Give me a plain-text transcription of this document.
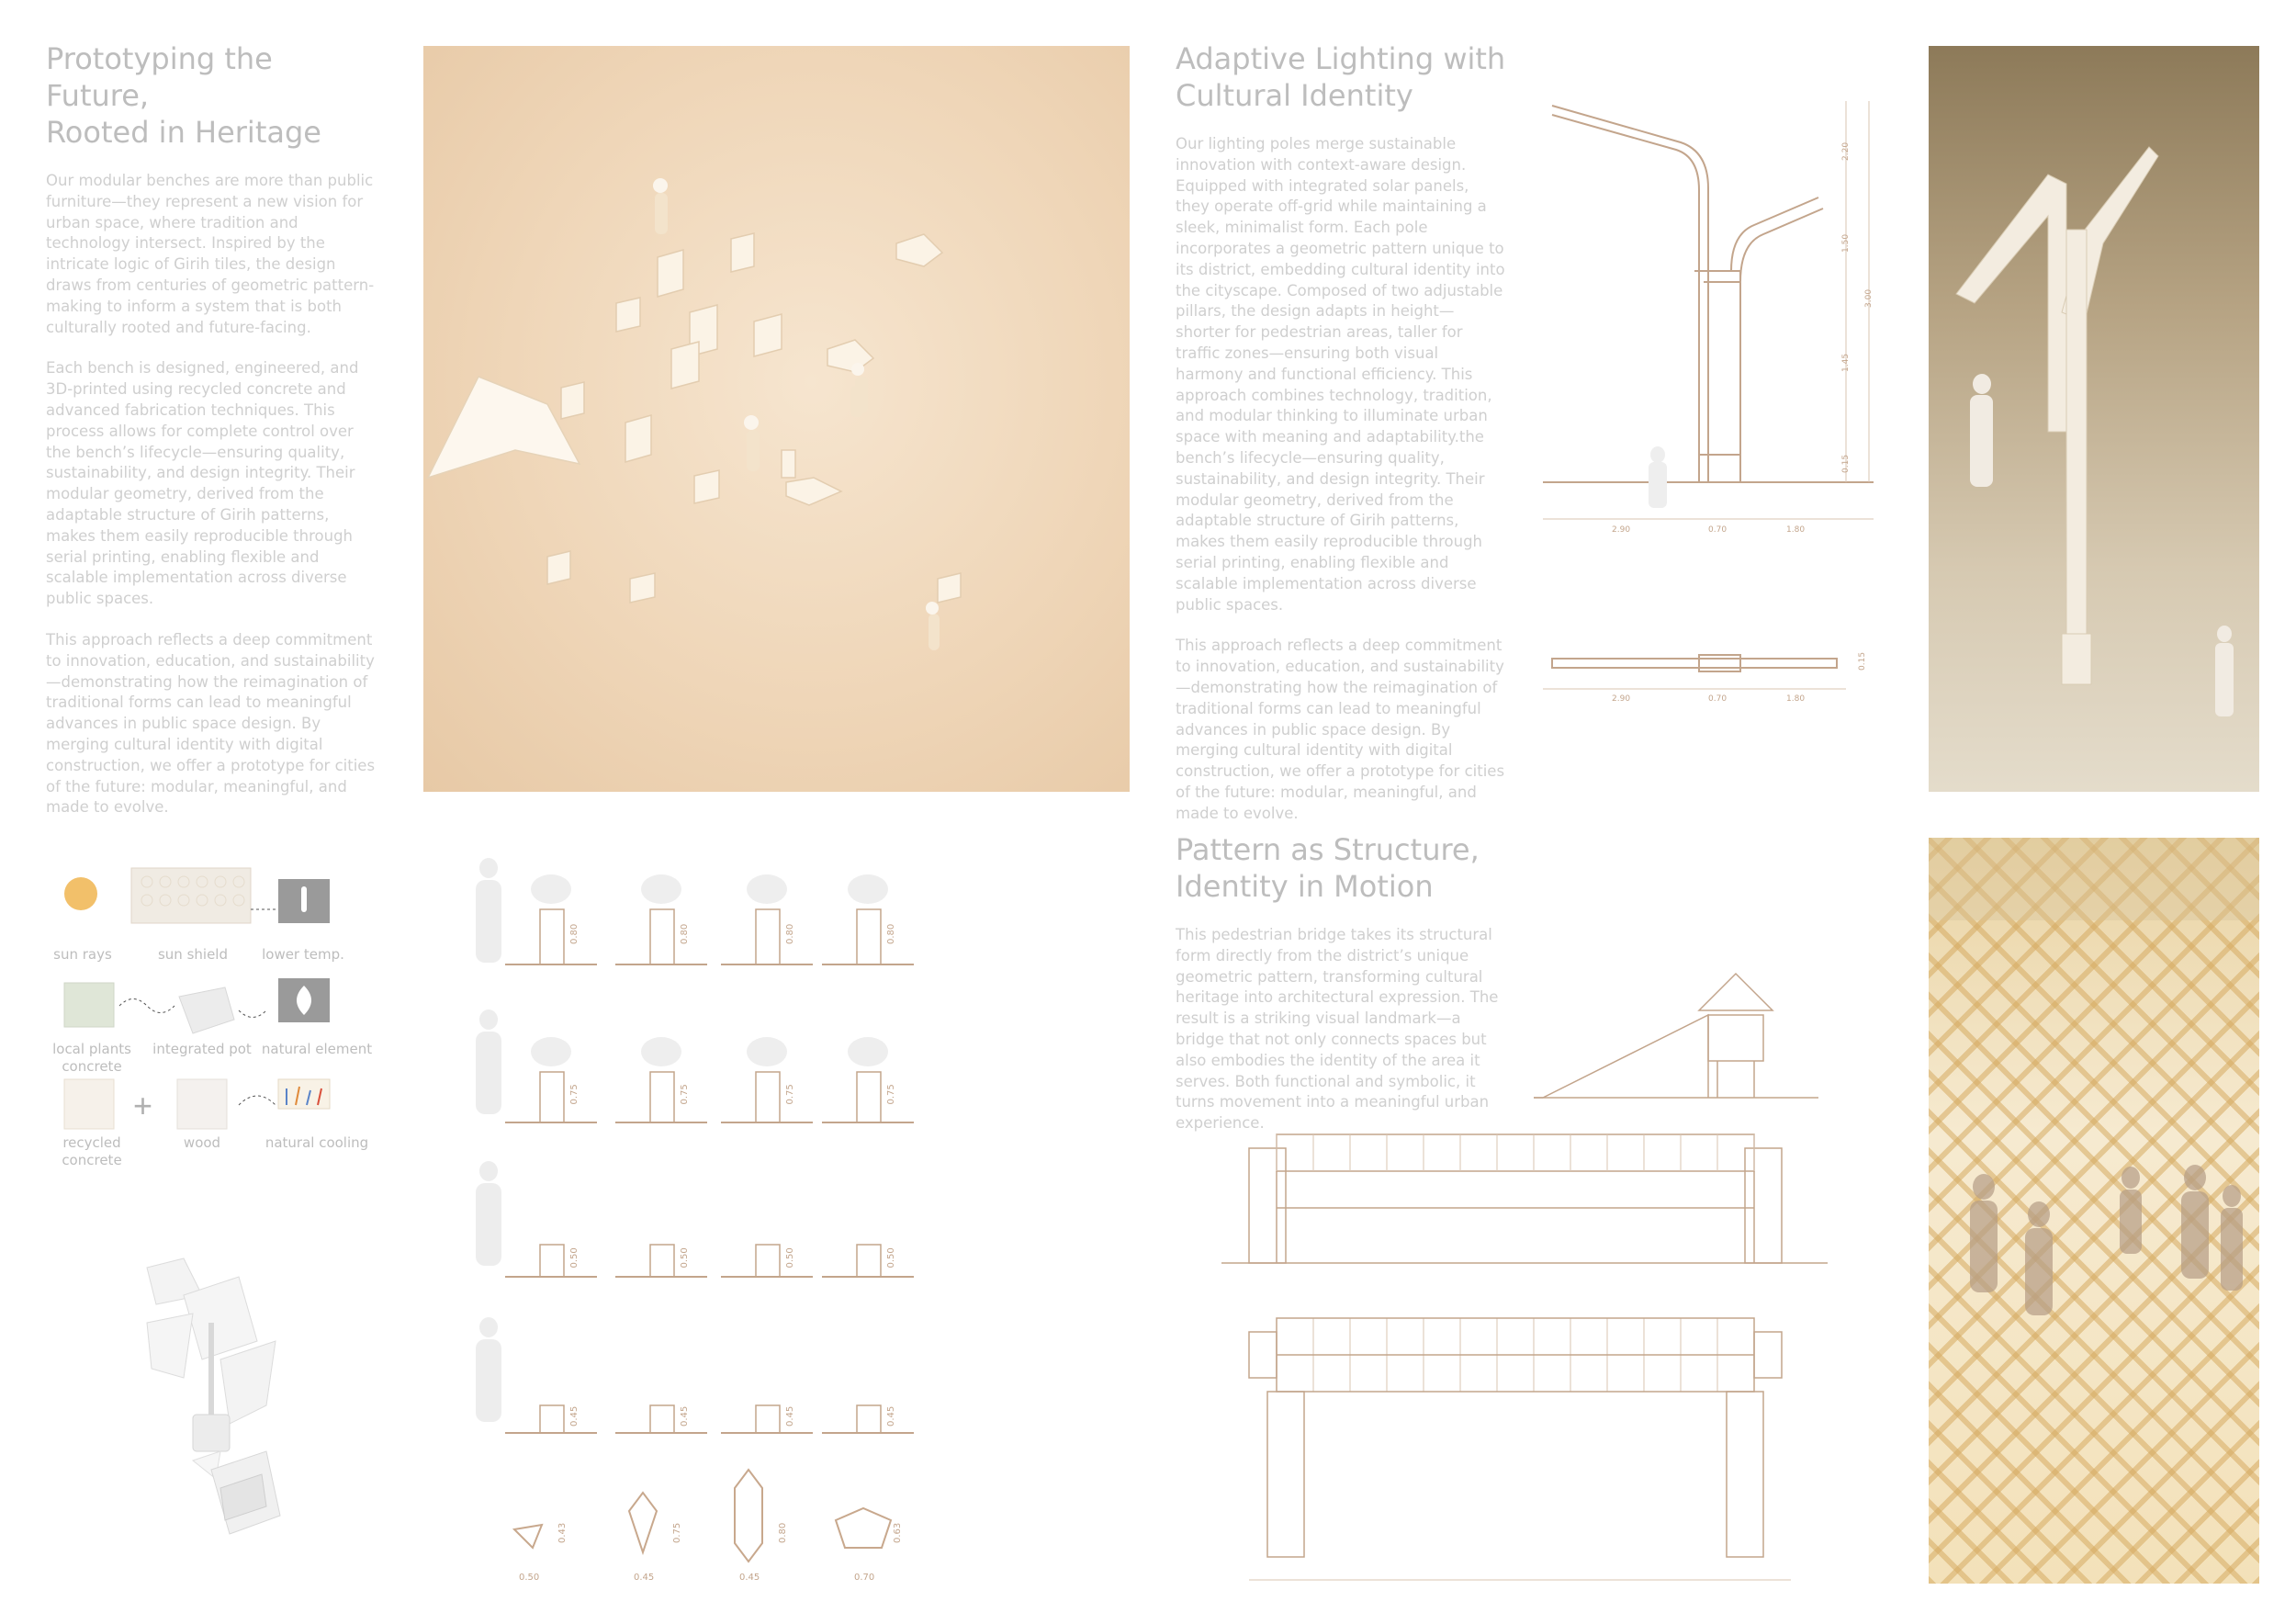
Prototyping the Future,
Rooted in Heritage

Our modular benches are more than public furniture—they represent a new vision for urban space, where tradition and technology intersect. Inspired by the intricate logic of Girih tiles, the design draws from centuries of geometric pattern-making to inform a system that is both culturally rooted and future-facing.

Each bench is designed, engineered, and 3D-printed using recycled concrete and advanced fabrication techniques. This process allows for complete control over the bench’s lifecycle—ensuring quality, sustainability, and design integrity. Their modular geometry, derived from the adaptable structure of Girih patterns, makes them easily reproducible through serial printing, enabling flexible and scalable implementation across diverse public spaces.

This approach reflects a deep commitment to innovation, education, and sustainability—demonstrating how the reimagination of traditional forms can lead to meaningful advances in public space design. By merging cultural identity with digital construction, we offer a prototype for cities of the future: modular, meaningful, and made to evolve.

sun rays	sun shield	lower temp.
local plants
concrete
integrated pot natural element
+
recycled
concrete
wood	natural cooling
0.80	0.80	0.80	0.80
0.75	0.75	0.75	0.75
0.50	0.50	0.50	0.50
0.45	0.45	0.45	0.45
0.50
0.43
0.45
0.75
0.45
0.80
0.70
0.63
Adaptive Lighting with
Cultural Identity

Our lighting poles merge sustainable innovation with context-aware design. Equipped with integrated solar panels, they operate off-grid while maintaining a sleek, minimalist form. Each pole incorporates a geometric pattern unique to its district, embedding cultural identity into the cityscape. Composed of two adjustable pillars, the design adapts in height—shorter for pedestrian areas, taller for traffic zones—ensuring both visual harmony and functional efficiency. This approach combines technology, tradition, and modular thinking to illuminate urban space with meaning and adaptability.the bench’s lifecycle—ensuring quality, sustainability, and design integrity. Their modular geometry, derived from the adaptable structure of Girih patterns, makes them easily reproducible through serial printing, enabling flexible and scalable implementation across diverse public spaces.

This approach reflects a deep commitment to innovation, education, and sustainability—demonstrating how the reimagination of traditional forms can lead to meaningful advances in public space design. By merging cultural identity with digital construction, we offer a prototype for cities of the future: modular, meaningful, and made to evolve.

2.20
1.50
3.00
1.45
0.15
2.90	0.70	1.80
2.90	0.70	1.80
0.15
Pattern as Structure,
Identity in Motion

This pedestrian bridge takes its structural form directly from the district’s unique geometric pattern, transforming cultural heritage into architectural expression. The result is a striking visual landmark—a bridge that not only connects spaces but also embodies the identity of the area it serves. Both functional and symbolic, it turns movement into a meaningful urban experience.
